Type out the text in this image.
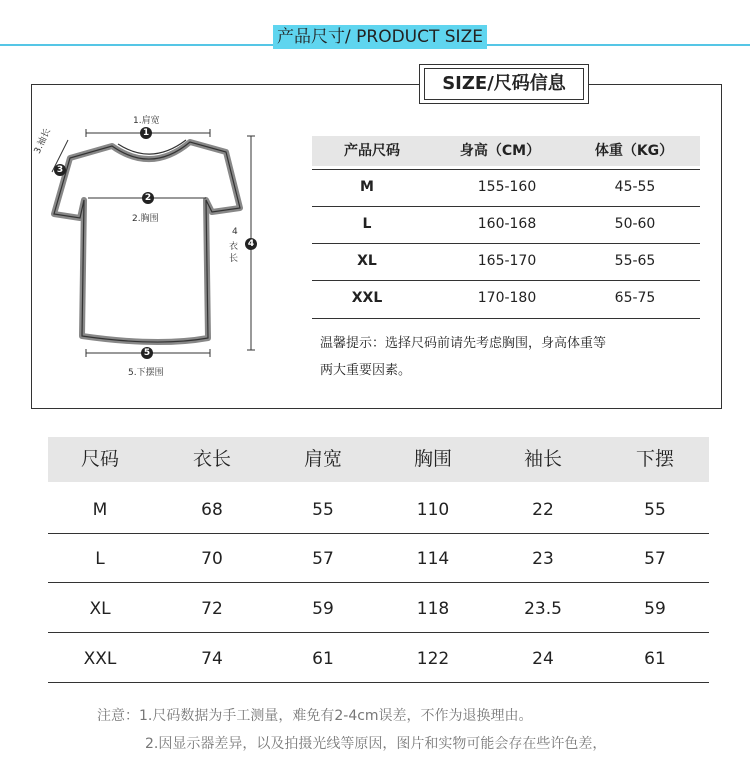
产品尺寸/ PRODUCT SIZE
SIZE/尺码信息
1.肩宽
1
3.袖长
3
2
2.胸围
4
衣
长
4
5
5.下摆围
产品尺码	身高（CM）	体重（KG）
M	155-160	45-55
L	160-168	50-60
XL	165-170	55-65
XXL	170-180	65-75
温馨提示：选择尺码前请先考虑胸围，身高体重等
两大重要因素。
尺码	衣长	肩宽	胸围	袖长	下摆
M	68	55	110	22	55
L	70	57	114	23	57
XL	72	59	118	23.5	59
XXL	74	61	122	24	61
注意：1.尺码数据为手工测量，难免有2-4cm误差，不作为退换理由。
2.因显示器差异，以及拍摄光线等原因，图片和实物可能会存在些许色差，
